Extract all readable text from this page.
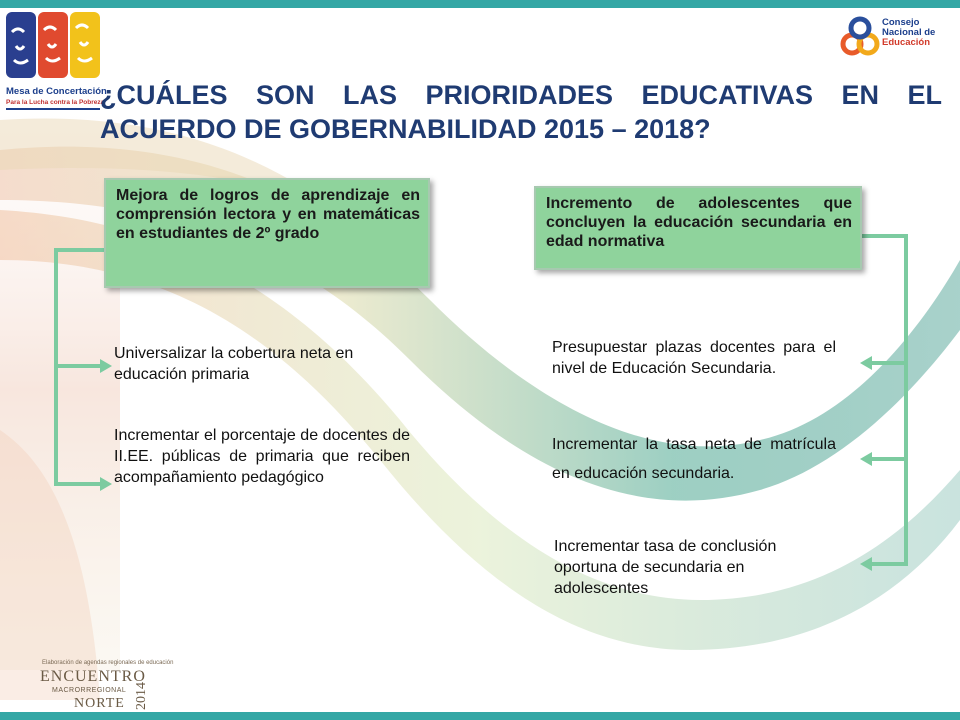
Mesa de Concertación
Para la Lucha contra la Pobreza
Consejo
Nacional de
Educación
¿CUÁLES SON LAS PRIORIDADES EDUCATIVAS EN EL ACUERDO DE GOBERNABILIDAD 2015 – 2018?
Mejora de logros de aprendizaje en comprensión lectora y en matemáticas en estudiantes de 2º grado
Incremento de adolescentes que concluyen la educación secundaria en edad normativa
Universalizar la cobertura neta en educación primaria
Incrementar el porcentaje de docentes de II.EE. públicas de primaria que reciben acompañamiento pedagógico
Presupuestar plazas docentes para el nivel de Educación Secundaria.
Incrementar la tasa neta de matrícula en educación secundaria.
Incrementar tasa de conclusión oportuna de secundaria en adolescentes
Elaboración de agendas regionales de educación
ENCUENTRO
MACRORREGIONAL
NORTE 2014
